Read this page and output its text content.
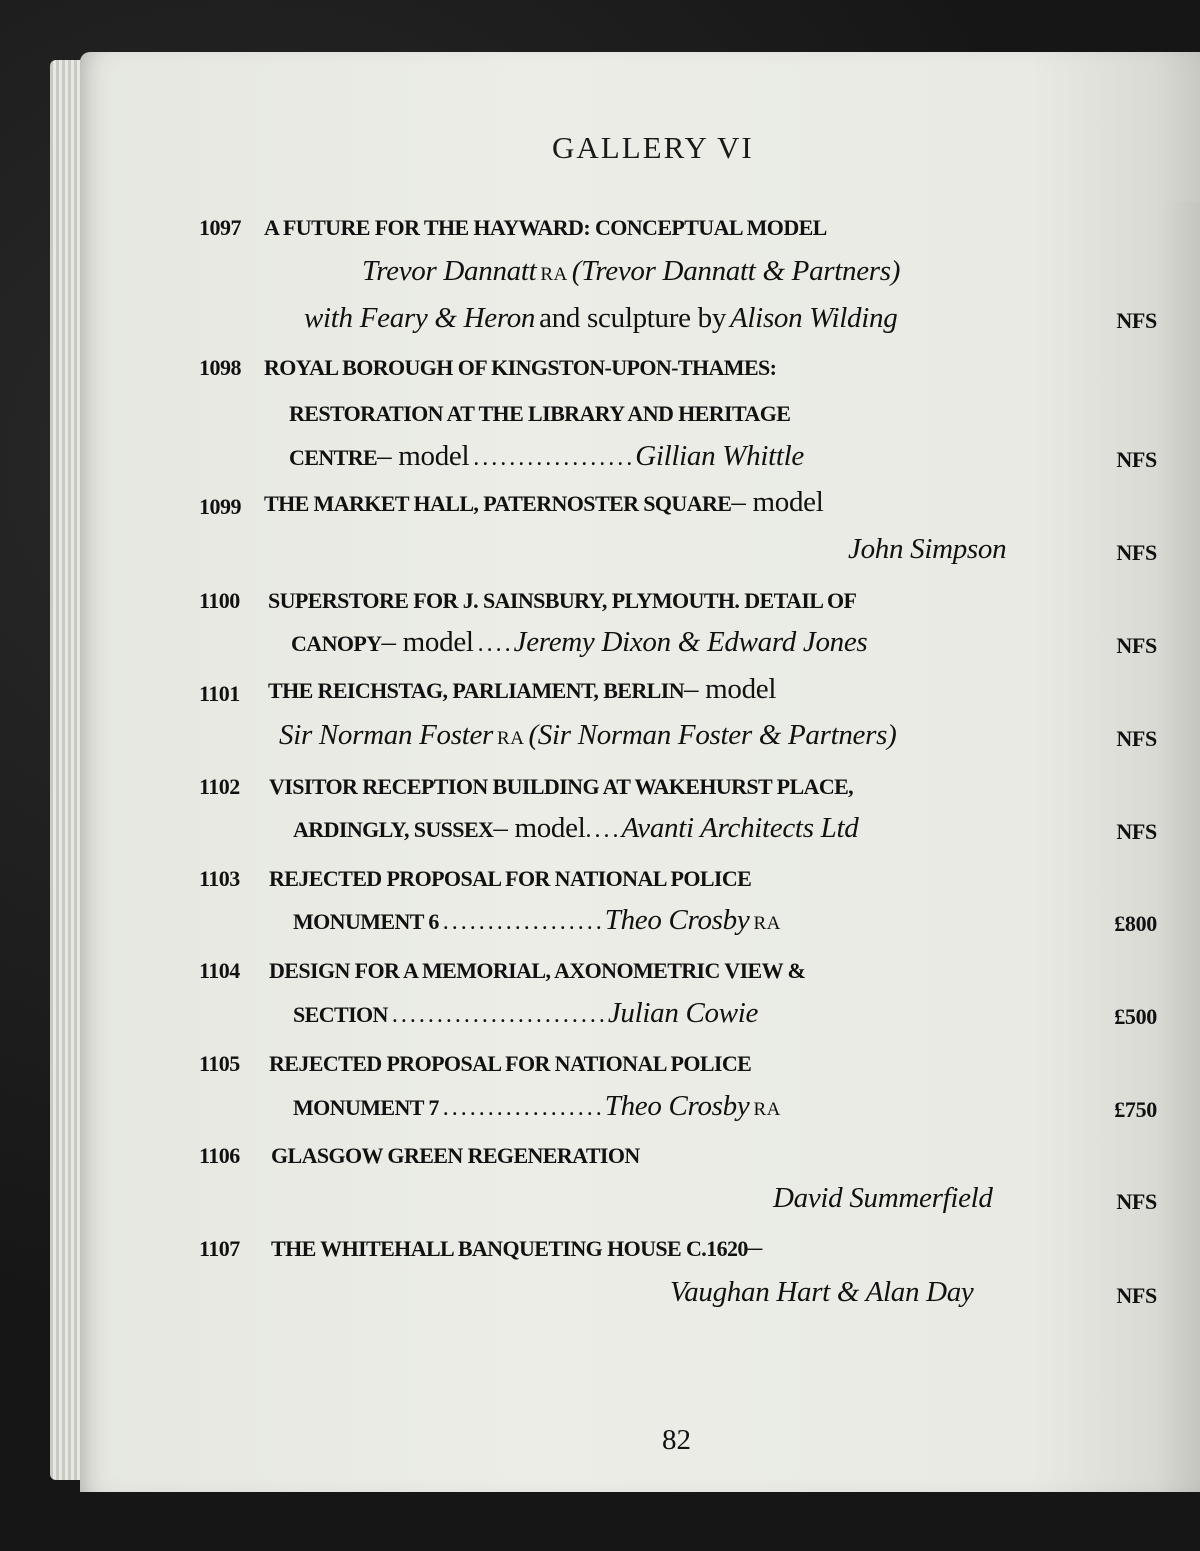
GALLERY VI
1097 A FUTURE FOR THE HAYWARD: CONCEPTUAL MODEL
Trevor Dannatt RA (Trevor Dannatt & Partners)
with Feary & Heron and sculpture by Alison Wilding	NFS
1098 ROYAL BOROUGH OF KINGSTON-UPON-THAMES:
RESTORATION AT THE LIBRARY AND HERITAGE
CENTRE– model ..................Gillian Whittle	NFS
1099 THE MARKET HALL, PATERNOSTER SQUARE– model
John Simpson	NFS
1100 SUPERSTORE FOR J. SAINSBURY, PLYMOUTH. DETAIL OF
CANOPY– model ....Jeremy Dixon & Edward Jones	NFS
1101 THE REICHSTAG, PARLIAMENT, BERLIN– model
Sir Norman Foster RA (Sir Norman Foster & Partners)	NFS
1102 VISITOR RECEPTION BUILDING AT WAKEHURST PLACE,
ARDINGLY, SUSSEX– model....Avanti Architects Ltd	NFS
1103 REJECTED PROPOSAL FOR NATIONAL POLICE
MONUMENT 6 ..................Theo Crosby RA	£800
1104 DESIGN FOR A MEMORIAL, AXONOMETRIC VIEW &
SECTION ........................Julian Cowie	£500
1105 REJECTED PROPOSAL FOR NATIONAL POLICE
MONUMENT 7 ..................Theo Crosby RA	£750
1106 GLASGOW GREEN REGENERATION
David Summerfield	NFS
1107 THE WHITEHALL BANQUETING HOUSE C.1620–
Vaughan Hart & Alan Day	NFS
82
